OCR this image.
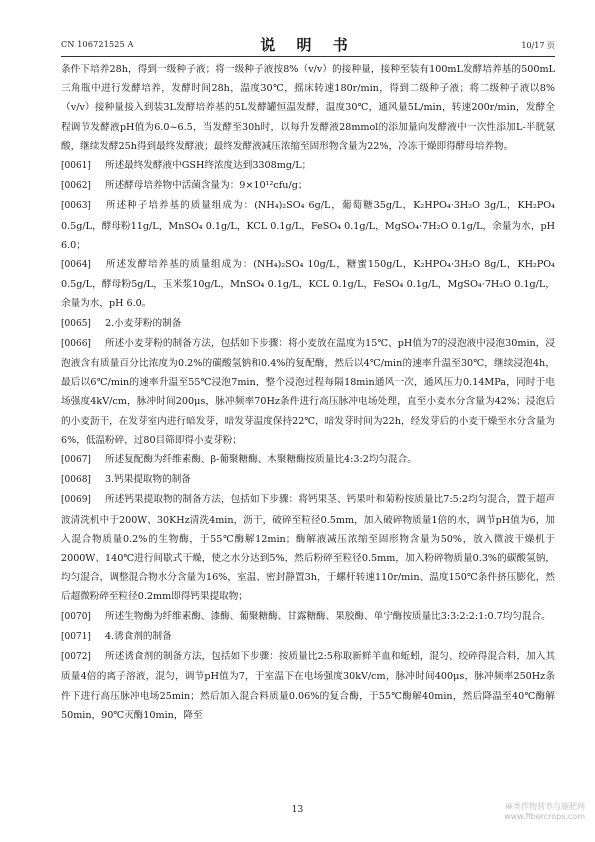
CN 106721525 A	说 明 书	10/17 页

条件下培养28h，得到一级种子液；将一级种子液按8%（v/v）的接种量，接种至装有100mL发酵培养基的500mL三角瓶中进行发酵培养，发酵时间28h，温度30℃，摇床转速180r/min，得到二级种子液；将二级种子液以8%（v/v）接种量接入到装3L发酵培养基的5L发酵罐恒温发酵，温度30℃，通风量5L/min，转速200r/min，发酵全程调节发酵液pH值为6.0~6.5，当发酵至30h时，以每升发酵液28mmol的添加量向发酵液中一次性添加L-半胱氨酸，继续发酵25h得到最终发酵液；最终发酵液减压浓缩至固形物含量为22%，冷冻干燥即得酵母培养物。

[0061] 所述最终发酵液中GSH终浓度达到3308mg/L；

[0062] 所述酵母培养物中活菌含量为：9×10¹²cfu/g；

[0063] 所述种子培养基的质量组成为：(NH₄)₂SO₄ 6g/L，葡萄糖35g/L，K₂HPO₄·3H₂O 3g/L，KH₂PO₄ 0.5g/L，酵母粉11g/L，MnSO₄ 0.1g/L，KCL 0.1g/L，FeSO₄ 0.1g/L，MgSO₄·7H₂O 0.1g/L，余量为水，pH 6.0；

[0064] 所述发酵培养基的质量组成为：(NH₄)₂SO₄ 10g/L，糖蜜150g/L，K₂HPO₄·3H₂O 8g/L，KH₂PO₄ 0.5g/L，酵母粉5g/L，玉米浆10g/L，MnSO₄ 0.1g/L，KCL 0.1g/L，FeSO₄ 0.1g/L，MgSO₄·7H₂O 0.1g/L，余量为水，pH 6.0。

[0065] 2.小麦芽粉的制备

[0066] 所述小麦芽粉的制备方法，包括如下步骤：将小麦放在温度为15℃、pH值为7的浸泡液中浸泡30min，浸泡液含有质量百分比浓度为0.2%的碳酸氢钠和0.4%的复配酶，然后以4℃/min的速率升温至30℃，继续浸泡4h，最后以6℃/min的速率升温至55℃浸泡7min，整个浸泡过程每隔18min通风一次，通风压力0.14MPa，同时于电场强度4kV/cm，脉冲时间200μs，脉冲频率70Hz条件进行高压脉冲电场处理，直至小麦水分含量为42%；浸泡后的小麦沥干，在发芽室内进行暗发芽，暗发芽温度保持22℃，暗发芽时间为22h，经发芽后的小麦干燥至水分含量为6%，低温粉碎，过80目筛即得小麦芽粉；

[0067] 所述复配酶为纤维素酶、β-葡聚糖酶、木聚糖酶按质量比4:3:2均匀混合。

[0068] 3.钙果提取物的制备

[0069] 所述钙果提取物的制备方法，包括如下步骤：将钙果茎、钙果叶和菊粉按质量比7:5:2均匀混合，置于超声波清洗机中于200W、30KHz清洗4min，沥干，破碎至粒径0.5mm，加入破碎物质量1倍的水，调节pH值为6，加入混合物质量0.2%的生物酶，于55℃酶解12min；酶解液减压浓缩至固形物含量为50%，放入微波干燥机于2000W、140℃进行间歇式干燥，使之水分达到5%，然后粉碎至粒径0.5mm，加入粉碎物质量0.3%的碳酸氢钠，均匀混合，调整混合物水分含量为16%，室温、密封静置3h，于螺杆转速110r/min、温度150℃条件挤压膨化，然后超微粉碎至粒径0.2mm即得钙果提取物；

[0070] 所述生物酶为纤维素酶、漆酶、葡聚糖酶、甘露糖酶、果胶酶、单宁酶按质量比3:3:2:2:1:0.7均匀混合。

[0071] 4.诱食剂的制备

[0072] 所述诱食剂的制备方法，包括如下步骤：按质量比2:5称取新鲜羊血和蚯蚓，混匀、绞碎得混合料，加入其质量4倍的离子溶液，混匀，调节pH值为7，于室温下在电场强度30kV/cm，脉冲时间400μs，脉冲频率250Hz条件下进行高压脉冲电场25min；然后加入混合料质量0.06%的复合酶，于55℃酶解40min，然后降温至40℃酶解50min，90℃灭酶10min，降至

13	麻类作物营养与施肥网
www.fibercrops.com
